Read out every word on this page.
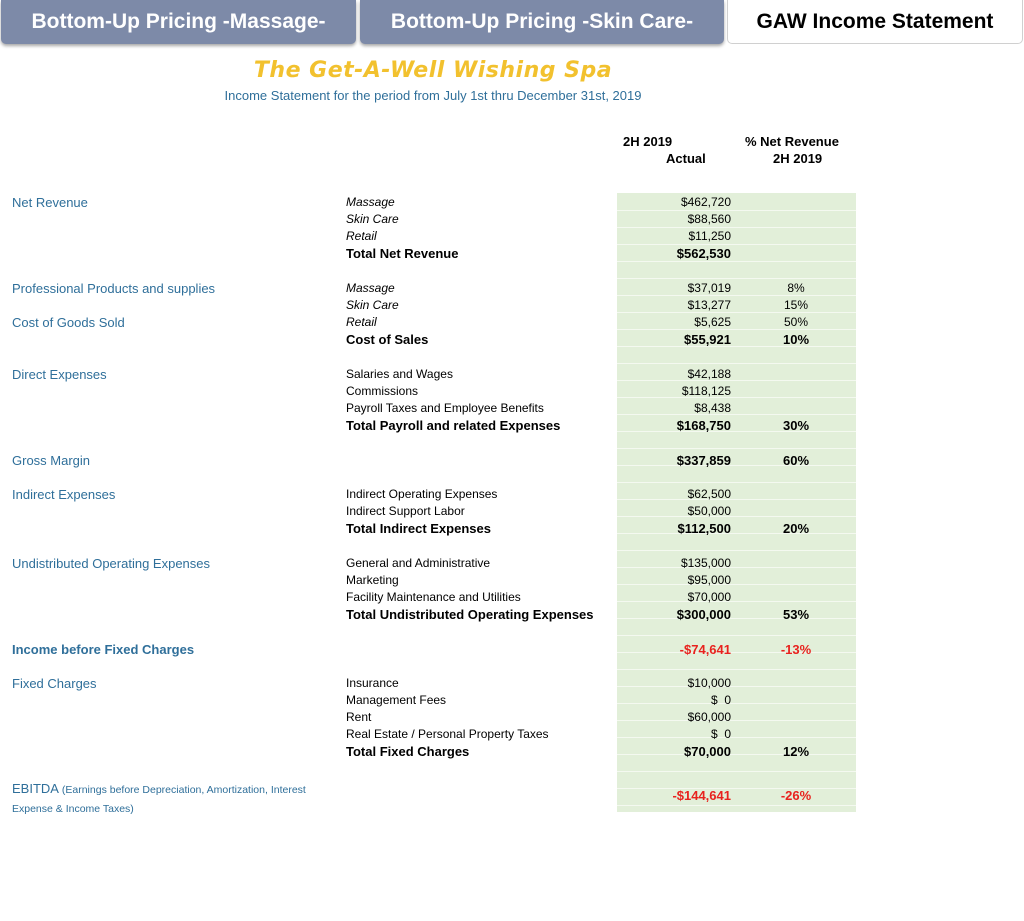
Bottom-Up Pricing -Massage-	Bottom-Up Pricing -Skin Care-	GAW Income Statement
The Get-A-Well Wishing Spa
Income Statement for the period from July 1st thru December 31st, 2019
2H 2019
Actual
% Net Revenue
2H 2019
Net Revenue
Professional Products and supplies
Cost of Goods Sold
Direct Expenses
Gross Margin
Indirect Expenses
Undistributed Operating Expenses
Income before Fixed Charges
Fixed Charges
EBITDA (Earnings before Depreciation, Amortization, Interest
Expense & Income Taxes)
Massage
Skin Care
Retail
Total Net Revenue
Massage
Skin Care
Retail
Cost of Sales
Salaries and Wages
Commissions
Payroll Taxes and Employee Benefits
Total Payroll and related Expenses
Indirect Operating Expenses
Indirect Support Labor
Total Indirect Expenses
General and Administrative
Marketing
Facility Maintenance and Utilities
Total Undistributed Operating Expenses
Insurance
Management Fees
Rent
Real Estate / Personal Property Taxes
Total Fixed Charges
$462,720
$88,560
$11,250
$562,530
$37,019
$13,277
$5,625
$55,921
$42,188
$118,125
$8,438
$168,750
$337,859
$62,500
$50,000
$112,500
$135,000
$95,000
$70,000
$300,000
-$74,641
$10,000
$  0
$60,000
$  0
$70,000
-$144,641
8%
15%
50%
10%
30%
60%
20%
53%
-13%
12%
-26%
